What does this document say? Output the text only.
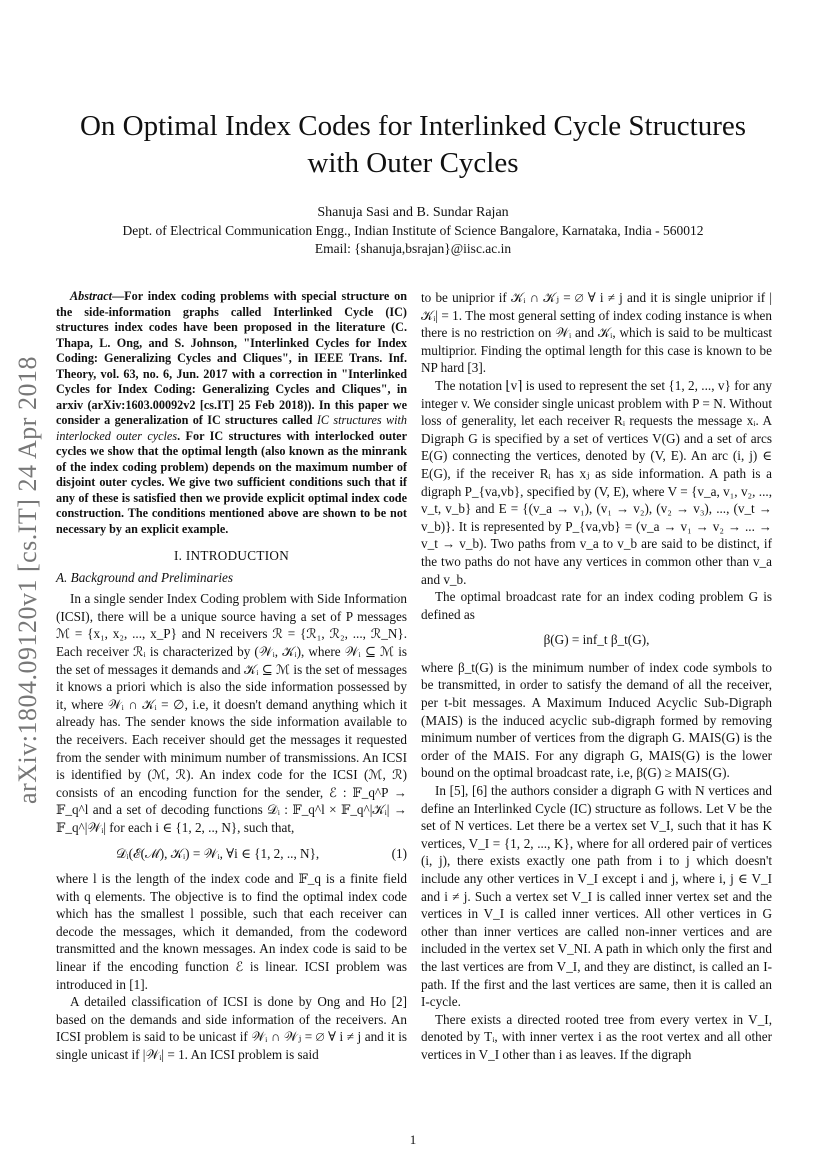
arXiv:1804.09120v1 [cs.IT] 24 Apr 2018
On Optimal Index Codes for Interlinked Cycle Structures with Outer Cycles
Shanuja Sasi and B. Sundar Rajan
Dept. of Electrical Communication Engg., Indian Institute of Science Bangalore, Karnataka, India - 560012
Email: {shanuja,bsrajan}@iisc.ac.in

Abstract—For index coding problems with special structure on the side-information graphs called Interlinked Cycle (IC) structures index codes have been proposed in the literature (C. Thapa, L. Ong, and S. Johnson, "Interlinked Cycles for Index Coding: Generalizing Cycles and Cliques", in IEEE Trans. Inf. Theory, vol. 63, no. 6, Jun. 2017 with a correction in "Interlinked Cycles for Index Coding: Generalizing Cycles and Cliques", in arxiv (arXiv:1603.00092v2 [cs.IT] 25 Feb 2018)). In this paper we consider a generalization of IC structures called IC structures with interlocked outer cycles. For IC structures with interlocked outer cycles we show that the optimal length (also known as the minrank of the index coding problem) depends on the maximum number of disjoint outer cycles. We give two sufficient conditions such that if any of these is satisfied then we provide explicit optimal index code construction. The conditions mentioned above are shown to be not necessary by an explicit example.

I. INTRODUCTION
A. Background and Preliminaries

In a single sender Index Coding problem with Side Information (ICSI), there will be a unique source having a set of P messages ℳ = {x₁, x₂, ..., x_P} and N receivers ℛ = {ℛ₁, ℛ₂, ..., ℛ_N}. Each receiver ℛᵢ is characterized by (𝒲ᵢ, 𝒦ᵢ), where 𝒲ᵢ ⊆ ℳ is the set of messages it demands and 𝒦ᵢ ⊆ ℳ is the set of messages it knows a priori which is also the side information possessed by it, where 𝒲ᵢ ∩ 𝒦ᵢ = ∅, i.e, it doesn't demand anything which it already has. The sender knows the side information available to the receivers. Each receiver should get the messages it requested from the sender with minimum number of transmissions. An ICSI is identified by (ℳ, ℛ). An index code for the ICSI (ℳ, ℛ) consists of an encoding function for the sender, ℰ : 𝔽_q^P → 𝔽_q^l and a set of decoding functions 𝒟ᵢ : 𝔽_q^l × 𝔽_q^|𝒦ᵢ| → 𝔽_q^|𝒲ᵢ| for each i ∈ {1, 2, .., N}, such that,

𝒟ᵢ(ℰ(ℳ), 𝒦ᵢ) = 𝒲ᵢ, ∀i ∈ {1, 2, .., N},	(1)

where l is the length of the index code and 𝔽_q is a finite field with q elements. The objective is to find the optimal index code which has the smallest l possible, such that each receiver can decode the messages, which it demanded, from the codeword transmitted and the known messages. An index code is said to be linear if the encoding function ℰ is linear. ICSI problem was introduced in [1].

A detailed classification of ICSI is done by Ong and Ho [2] based on the demands and side information of the receivers. An ICSI problem is said to be unicast if 𝒲ᵢ ∩ 𝒲ⱼ = ∅ ∀ i ≠ j and it is single unicast if |𝒲ᵢ| = 1. An ICSI problem is said

to be uniprior if 𝒦ᵢ ∩ 𝒦ⱼ = ∅ ∀ i ≠ j and it is single uniprior if |𝒦ᵢ| = 1. The most general setting of index coding instance is when there is no restriction on 𝒲ᵢ and 𝒦ᵢ, which is said to be multicast multiprior. Finding the optimal length for this case is known to be NP hard [3].

The notation ⌊v⌉ is used to represent the set {1, 2, ..., v} for any integer v. We consider single unicast problem with P = N. Without loss of generality, let each receiver Rᵢ requests the message xᵢ. A Digraph G is specified by a set of vertices V(G) and a set of arcs E(G) connecting the vertices, denoted by (V, E). An arc (i, j) ∈ E(G), if the receiver Rᵢ has xⱼ as side information. A path is a digraph P_{va,vb}, specified by (V, E), where V = {v_a, v₁, v₂, ..., v_t, v_b} and E = {(v_a → v₁), (v₁ → v₂), (v₂ → v₃), ..., (v_t → v_b)}. It is represented by P_{va,vb} = (v_a → v₁ → v₂ → ... → v_t → v_b). Two paths from v_a to v_b are said to be distinct, if the two paths do not have any vertices in common other than v_a and v_b.

The optimal broadcast rate for an index coding problem G is defined as

β(G) = inf_t β_t(G),

where β_t(G) is the minimum number of index code symbols to be transmitted, in order to satisfy the demand of all the receiver, per t-bit messages. A Maximum Induced Acyclic Sub-Digraph (MAIS) is the induced acyclic sub-digraph formed by removing minimum number of vertices from the digraph G. MAIS(G) is the order of the MAIS. For any digraph G, MAIS(G) is the lower bound on the optimal broadcast rate, i.e, β(G) ≥ MAIS(G).

In [5], [6] the authors consider a digraph G with N vertices and define an Interlinked Cycle (IC) structure as follows. Let V be the set of N vertices. Let there be a vertex set V_I, such that it has K vertices, V_I = {1, 2, ..., K}, where for all ordered pair of vertices (i, j), there exists exactly one path from i to j which doesn't include any other vertices in V_I except i and j, where i, j ∈ V_I and i ≠ j. Such a vertex set V_I is called inner vertex set and the vertices in V_I is called inner vertices. All other vertices in G other than inner vertices are called non-inner vertices and are included in the vertex set V_NI. A path in which only the first and the last vertices are from V_I, and they are distinct, is called an I-path. If the first and the last vertices are same, then it is called an I-cycle.

There exists a directed rooted tree from every vertex in V_I, denoted by Tᵢ, with inner vertex i as the root vertex and all other vertices in V_I other than i as leaves. If the digraph

1
